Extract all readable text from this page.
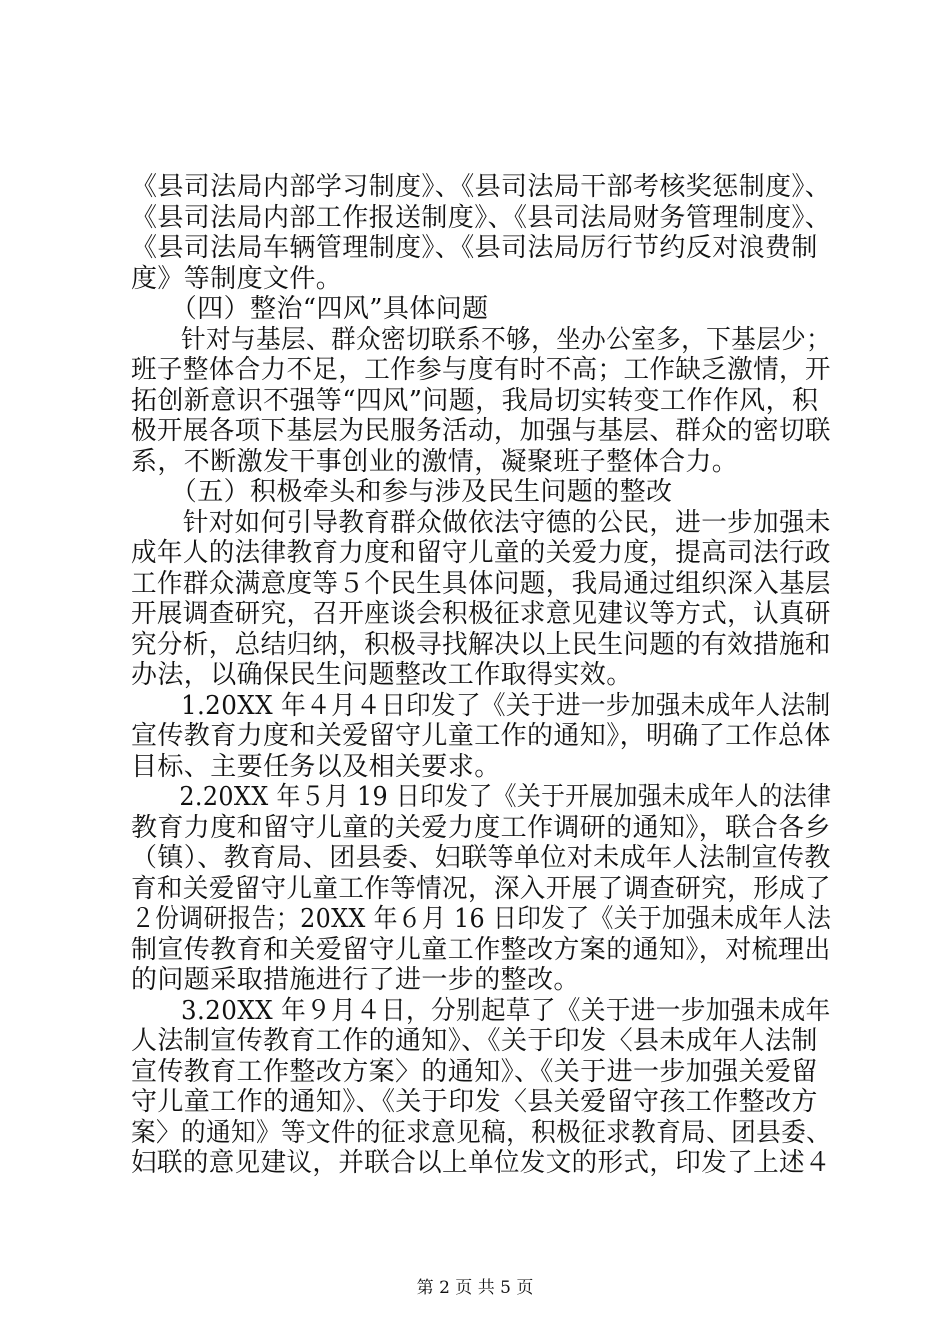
《县司法局内部学习制度》、《县司法局干部考核奖惩制度》、
《县司法局内部工作报送制度》、《县司法局财务管理制度》、
《县司法局车辆管理制度》、《县司法局厉行节约反对浪费制
度》等制度文件。
　　（四）整治“四风”具体问题
　　针对与基层、群众密切联系不够，坐办公室多，下基层少；
班子整体合力不足，工作参与度有时不高；工作缺乏激情，开
拓创新意识不强等“四风”问题，我局切实转变工作作风，积
极开展各项下基层为民服务活动，加强与基层、群众的密切联
系，不断激发干事创业的激情，凝聚班子整体合力。
　　（五）积极牵头和参与涉及民生问题的整改
　　针对如何引导教育群众做依法守德的公民，进一步加强未
成年人的法律教育力度和留守儿童的关爱力度，提高司法行政
工作群众满意度等５个民生具体问题，我局通过组织深入基层
开展调查研究，召开座谈会积极征求意见建议等方式，认真研
究分析，总结归纳，积极寻找解决以上民生问题的有效措施和
办法，以确保民生问题整改工作取得实效。
　　1.20XX 年４月４日印发了《关于进一步加强未成年人法制
宣传教育力度和关爱留守儿童工作的通知》，明确了工作总体
目标、主要任务以及相关要求。
　　2.20XX 年５月 19 日印发了《关于开展加强未成年人的法律
教育力度和留守儿童的关爱力度工作调研的通知》，联合各乡
（镇）、教育局、团县委、妇联等单位对未成年人法制宣传教
育和关爱留守儿童工作等情况，深入开展了调查研究，形成了
２份调研报告；20XX 年６月 16 日印发了《关于加强未成年人法
制宣传教育和关爱留守儿童工作整改方案的通知》，对梳理出
的问题采取措施进行了进一步的整改。
　　3.20XX 年９月４日，分别起草了《关于进一步加强未成年
人法制宣传教育工作的通知》、《关于印发〈县未成年人法制
宣传教育工作整改方案〉的通知》、《关于进一步加强关爱留
守儿童工作的通知》、《关于印发〈县关爱留守孩工作整改方
案〉的通知》等文件的征求意见稿，积极征求教育局、团县委、
妇联的意见建议，并联合以上单位发文的形式，印发了上述４
第 2 页 共 5 页
